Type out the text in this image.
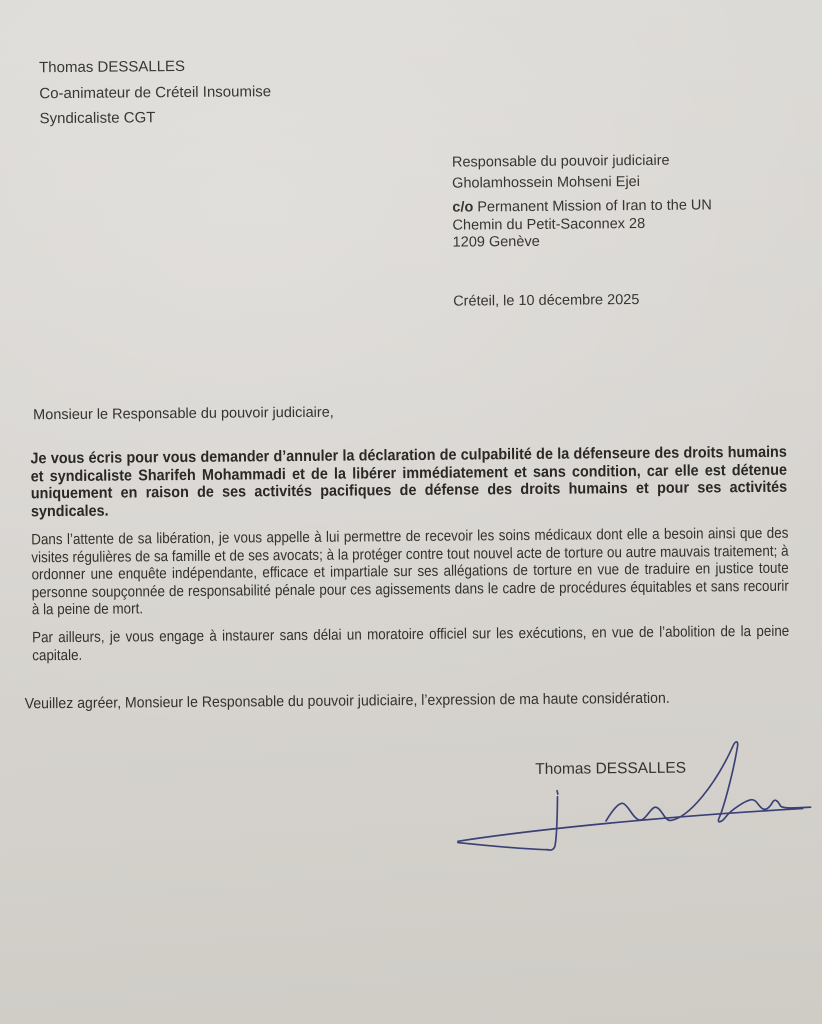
Thomas DESSALLES
Co-animateur de Créteil Insoumise
Syndicaliste CGT
Responsable du pouvoir judiciaire
Gholamhossein Mohseni Ejei
c/o Permanent Mission of Iran to the UN
Chemin du Petit-Saconnex 28
1209 Genève
Créteil, le 10 décembre 2025
Monsieur le Responsable du pouvoir judiciaire,

Je vous écris pour vous demander d’annuler la déclaration de culpabilité de la défenseure des droits humains et syndicaliste Sharifeh Mohammadi et de la libérer immédiatement et sans condition, car elle est détenue uniquement en raison de ses activités pacifiques de défense des droits humains et pour ses activités syndicales.

Dans l’attente de sa libération, je vous appelle à lui permettre de recevoir les soins médicaux dont elle a besoin ainsi que des visites régulières de sa famille et de ses avocats; à la protéger contre tout nouvel acte de torture ou autre mauvais traitement; à ordonner une enquête indépendante, efficace et impartiale sur ses allégations de torture en vue de traduire en justice toute personne soupçonnée de responsabilité pénale pour ces agissements dans le cadre de procédures équitables et sans recourir à la peine de mort.

Par ailleurs, je vous engage à instaurer sans délai un moratoire officiel sur les exécutions, en vue de l’abolition de la peine capitale.

Veuillez agréer, Monsieur le Responsable du pouvoir judiciaire, l’expression de ma haute considération.
Thomas DESSALLES
